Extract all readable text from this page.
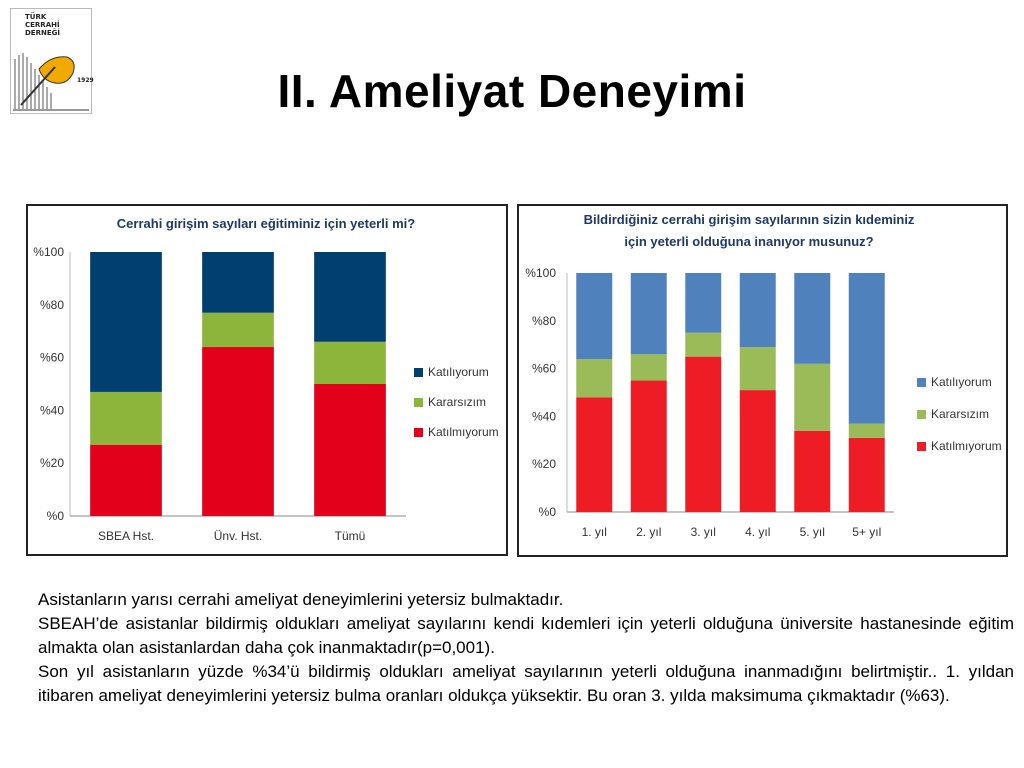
TÜRK
CERRAHİ
DERNEĞİ
1929	II. Ameliyat Deneyimi
Cerrahi girişim sayıları eğitiminiz için yeterli mi?
%0
%20
%40
%60
%80
%100
SBEA Hst.	Ünv. Hst.	Tümü
Katılıyorum
Kararsızım
Katılmıyorum
Bildirdiğiniz cerrahi girişim sayılarının sizin kıdeminiz
için yeterli olduğuna inanıyor musunuz?
%0
%20
%40
%60
%80
%100
1. yıl 2. yıl 3. yıl 4. yıl 5. yıl 5+ yıl
Katılıyorum
Kararsızım
Katılmıyorum

Asistanların yarısı cerrahi ameliyat deneyimlerini yetersiz bulmaktadır.

SBEAH’de asistanlar bildirmiş oldukları ameliyat sayılarını kendi kıdemleri için yeterli olduğuna üniversite hastanesinde eğitim almakta olan asistanlardan daha çok inanmaktadır(p=0,001).

Son yıl asistanların yüzde %34’ü bildirmiş oldukları ameliyat sayılarının yeterli olduğuna inanmadığını belirtmiştir.. 1. yıldan itibaren ameliyat deneyimlerini yetersiz bulma oranları oldukça yüksektir. Bu oran 3. yılda maksimuma çıkmaktadır (%63).
